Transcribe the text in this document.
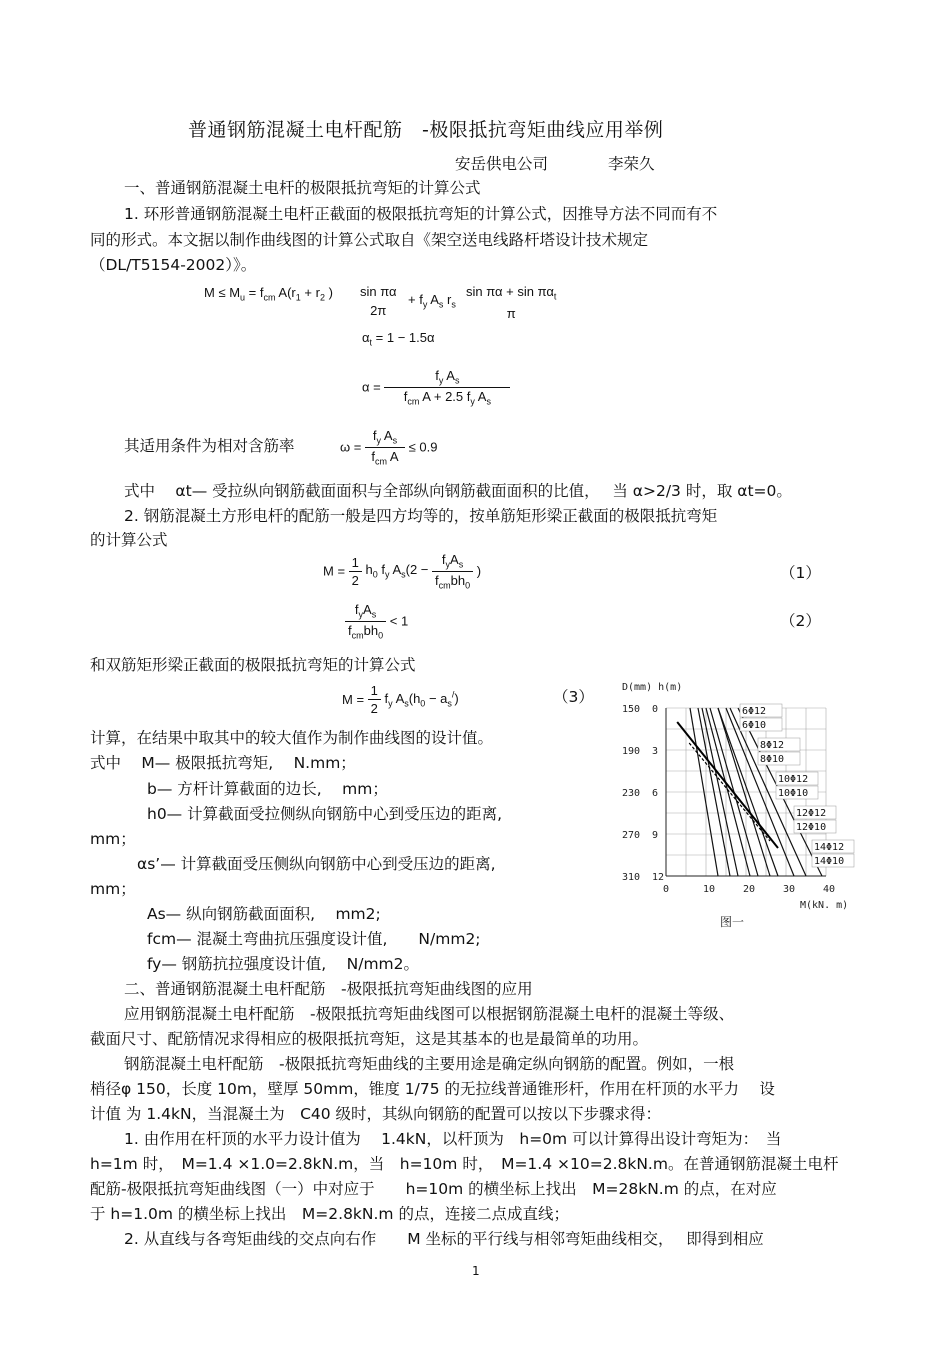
普通钢筋混凝土电杆配筋　-极限抵抗弯矩曲线应用举例
安岳供电公司	李荣久
一、普通钢筋混凝土电杆的极限抵抗弯矩的计算公式
1. 环形普通钢筋混凝土电杆正截面的极限抵抗弯矩的计算公式，因推导方法不同而有不
同的形式。本文据以制作曲线图的计算公式取自《架空送电线路杆塔设计技术规定
（DL/T5154-2002）》。
$M \le M_u = f_{cm}$ $A(r_1 + r_2$ ) sin πα
2π
+ $f_y$ $A_s$ $r_s$
$\sin \pi\alpha + \sin \pi\alpha_t$
π
$\alpha_t = 1 - 1.5\alpha$
$\alpha = \frac{f_y A_s}{f_{cm} A + 2.5 f_y A_s}$
其适用条件为相对含筋率	$\omega = \frac{f_y A_s}{f_{cm} A} \le 0.9$
式中　 αt— 受拉纵向钢筋截面面积与全部纵向钢筋截面面积的比值，　 当 α>2/3 时，取 αt=0。
2. 钢筋混凝土方形电杆的配筋一般是四方均等的，按单筋矩形梁正截面的极限抵抗弯矩
的计算公式
$M = \frac{1}{2} h_0$ $f_y$ $A_s(2 - \frac{f_yA_s}{f_{cm}bh_0}$ )	（1）
$\frac{f_yA_s}{f_{cm}bh_0} < 1$	（2）
和双筋矩形梁正截面的极限抵抗弯矩的计算公式
$M = \frac{1}{2} f_y$ $A_s(h_0 - a_s^/)$	（3）
计算，在结果中取其中的较大值作为制作曲线图的设计值。
式中　 M— 极限抵抗弯矩,　 N.mm；
b— 方杆计算截面的边长,　 mm；
h0— 计算截面受拉侧纵向钢筋中心到受压边的距离,
mm；
αs’— 计算截面受压侧纵向钢筋中心到受压边的距离,
mm；
As— 纵向钢筋截面面积,　 mm2;
fcm— 混凝土弯曲抗压强度设计值,　　N/mm2;
fy— 钢筋抗拉强度设计值,　 N/mm2。
D(mm) h(m)
0	10	20	30	40
0
150
3
190
6
230
9
270
12
310
6Φ12
6Φ10
8Φ12
8Φ10
10Φ12
10Φ10
12Φ12
12Φ10
14Φ12
14Φ10
M(kN. m)
图一
二、普通钢筋混凝土电杆配筋　-极限抵抗弯矩曲线图的应用
应用钢筋混凝土电杆配筋　-极限抵抗弯矩曲线图可以根据钢筋混凝土电杆的混凝土等级、
截面尺寸、配筋情况求得相应的极限抵抗弯矩，这是其基本的也是最简单的功用。
钢筋混凝土电杆配筋　-极限抵抗弯矩曲线的主要用途是确定纵向钢筋的配置。例如，一根
梢径φ 150，长度 10m，壁厚 50mm，锥度 1/75 的无拉线普通锥形杆，作用在杆顶的水平力　 设
计值 为 1.4kN，当混凝土为　C40 级时，其纵向钢筋的配置可以按以下步骤求得：
1. 由作用在杆顶的水平力设计值为　 1.4kN，以杆顶为　h=0m 可以计算得出设计弯矩为：　当
h=1m 时，　M=1.4 ×1.0=2.8kN.m，当　h=10m 时，　M=1.4 ×10=2.8kN.m。在普通钢筋混凝土电杆
配筋-极限抵抗弯矩曲线图（一）中对应于　　h=10m 的横坐标上找出　M=28kN.m 的点，在对应
于 h=1.0m 的横坐标上找出　M=2.8kN.m 的点，连接二点成直线；
2. 从直线与各弯矩曲线的交点向右作　　M 坐标的平行线与相邻弯矩曲线相交，　 即得到相应
1
